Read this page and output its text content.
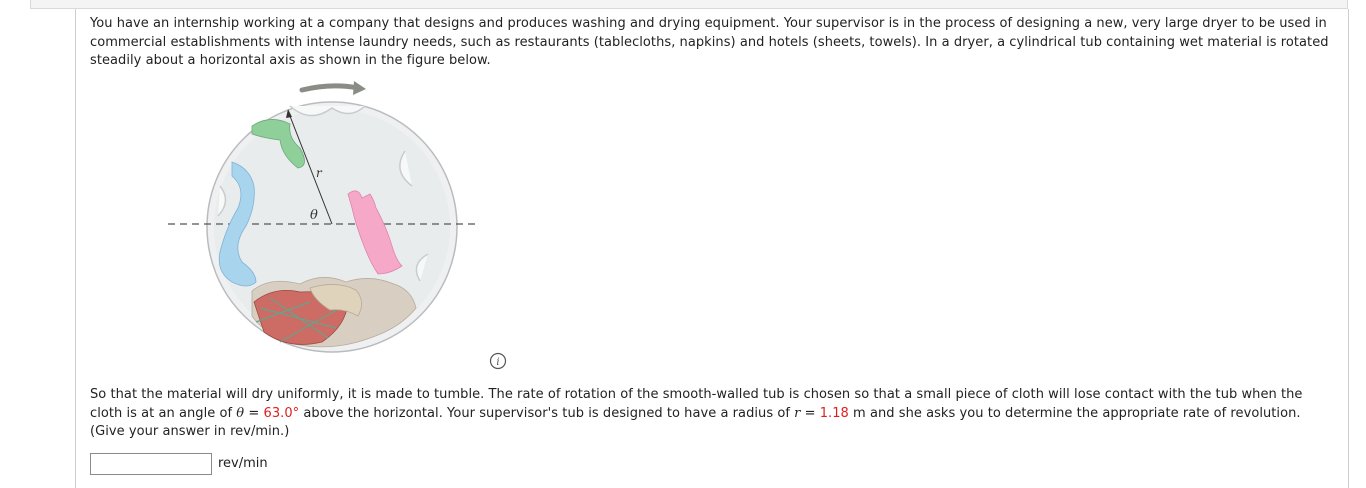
You have an internship working at a company that designs and produces washing and drying equipment. Your supervisor is in the process of designing a new, very large dryer to be used in commercial establishments with intense laundry needs, such as restaurants (tablecloths, napkins) and hotels (sheets, towels). In a dryer, a cylindrical tub containing wet material is rotated steadily about a horizontal axis as shown in the figure below.

r
θ
i

So that the material will dry uniformly, it is made to tumble. The rate of rotation of the smooth-walled tub is chosen so that a small piece of cloth will lose contact with the tub when the cloth is at an angle of θ = 63.0° above the horizontal. Your supervisor's tub is designed to have a radius of r = 1.18 m and she asks you to determine the appropriate rate of revolution. (Give your answer in rev/min.)

rev/min
